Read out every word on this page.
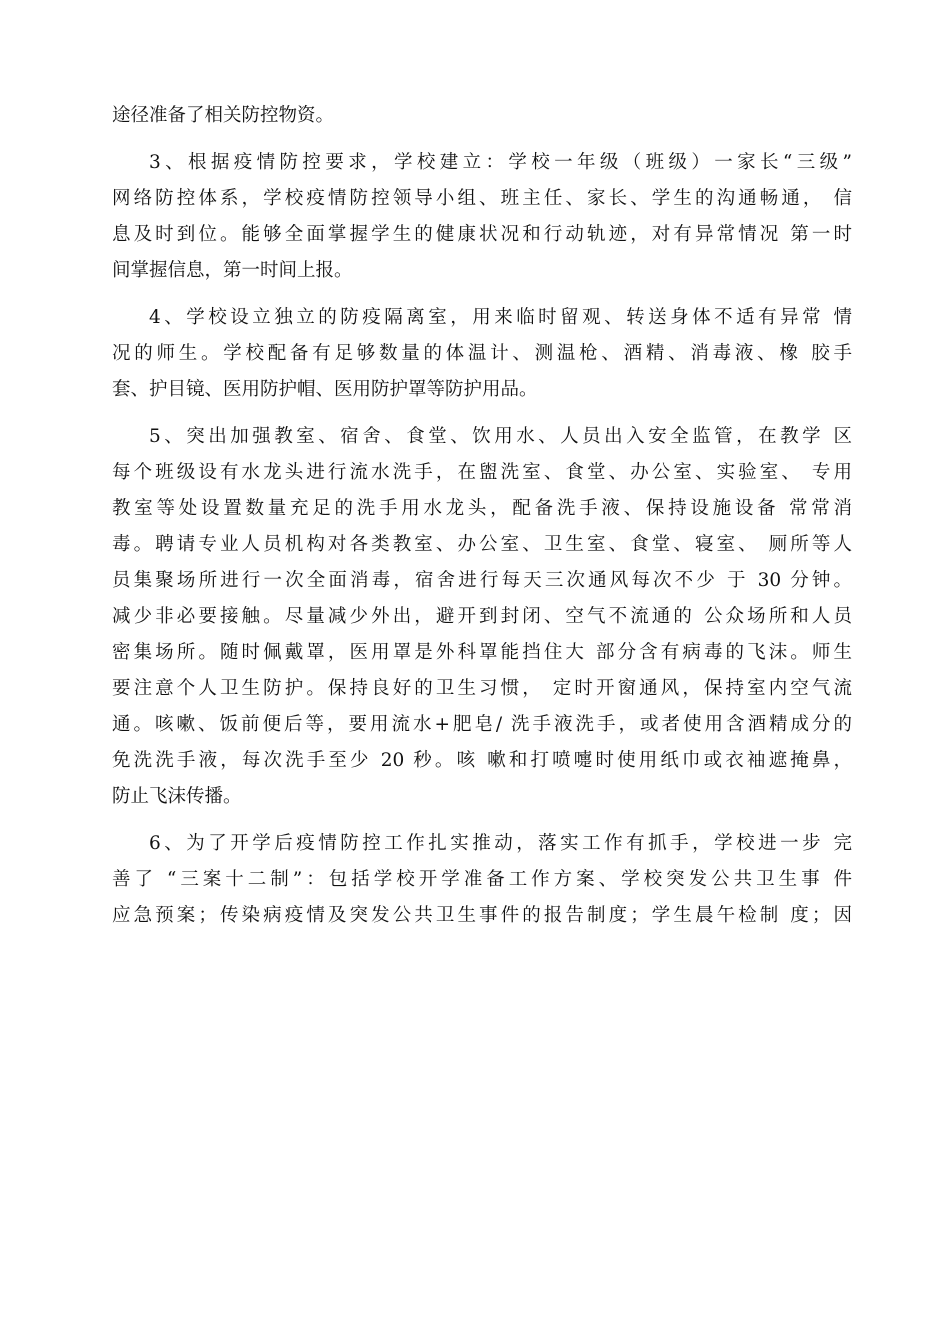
途径准备了相关防控物资。
3、根据疫情防控要求，学校建立：学校一年级（班级）一家长“三级”
网络防控体系，学校疫情防控领导小组、班主任、家长、学生的沟通畅通， 信
息及时到位。能够全面掌握学生的健康状况和行动轨迹，对有异常情况 第一时
间掌握信息，第一时间上报。
4、学校设立独立的防疫隔离室，用来临时留观、转送身体不适有异常 情
况的师生。学校配备有足够数量的体温计、测温枪、酒精、消毒液、橡 胶手
套、护目镜、医用防护帽、医用防护罩等防护用品。
5、突出加强教室、宿舍、食堂、饮用水、人员出入安全监管，在教学 区
每个班级设有水龙头进行流水洗手，在盥洗室、食堂、办公室、实验室、 专用
教室等处设置数量充足的洗手用水龙头，配备洗手液、保持设施设备 常常消
毒。聘请专业人员机构对各类教室、办公室、卫生室、食堂、寝室、 厕所等人
员集聚场所进行一次全面消毒，宿舍进行每天三次通风每次不少 于 30 分钟。
减少非必要接触。尽量减少外出，避开到封闭、空气不流通的 公众场所和人员
密集场所。随时佩戴罩，医用罩是外科罩能挡住大 部分含有病毒的飞沫。师生
要注意个人卫生防护。保持良好的卫生习惯， 定时开窗通风，保持室内空气流
通。咳嗽、饭前便后等，要用流水+肥皂/ 洗手液洗手，或者使用含酒精成分的
免洗洗手液，每次洗手至少 20 秒。咳 嗽和打喷嚏时使用纸巾或衣袖遮掩鼻，
防止飞沫传播。
6、为了开学后疫情防控工作扎实推动，落实工作有抓手，学校进一步 完
善了 “三案十二制”：包括学校开学准备工作方案、学校突发公共卫生事 件
应急预案；传染病疫情及突发公共卫生事件的报告制度；学生晨午检制 度；因
